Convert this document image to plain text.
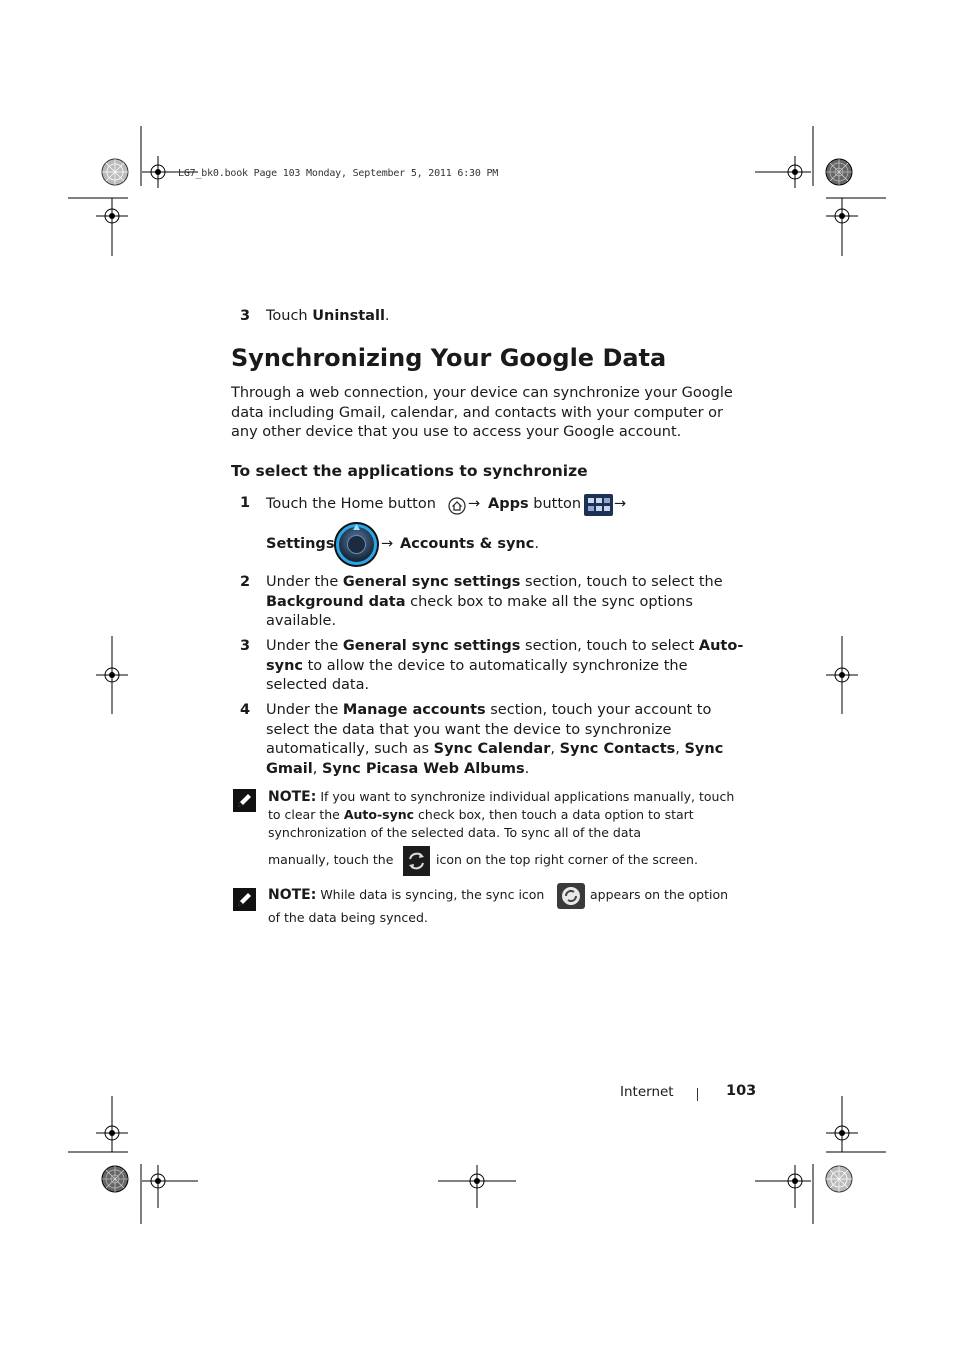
LG7_bk0.book Page 103 Monday, September 5, 2011 6:30 PM
3 Touch Uninstall.
Synchronizing Your Google Data
Through a web connection, your device can synchronize your Google data including Gmail, calendar, and contacts with your computer or any other device that you use to access your Google account.
To select the applications to synchronize
1 Touch the Home button → Apps button →
Settings	→ Accounts & sync.
2 Under the General sync settings section, touch to select the Background data check box to make all the sync options available.
3 Under the General sync settings section, touch to select Auto-sync to allow the device to automatically synchronize the selected data.
4 Under the Manage accounts section, touch your account to select the data that you want the device to synchronize automatically, such as Sync Calendar, Sync Contacts, Sync Gmail, Sync Picasa Web Albums.
NOTE: If you want to synchronize individual applications manually, touch to clear the Auto-sync check box, then touch a data option to start synchronization of the selected data. To sync all of the data
manually, touch the	icon on the top right corner of the screen.
NOTE: While data is syncing, the sync icon	appears on the option
of the data being synced.
Internet	103
